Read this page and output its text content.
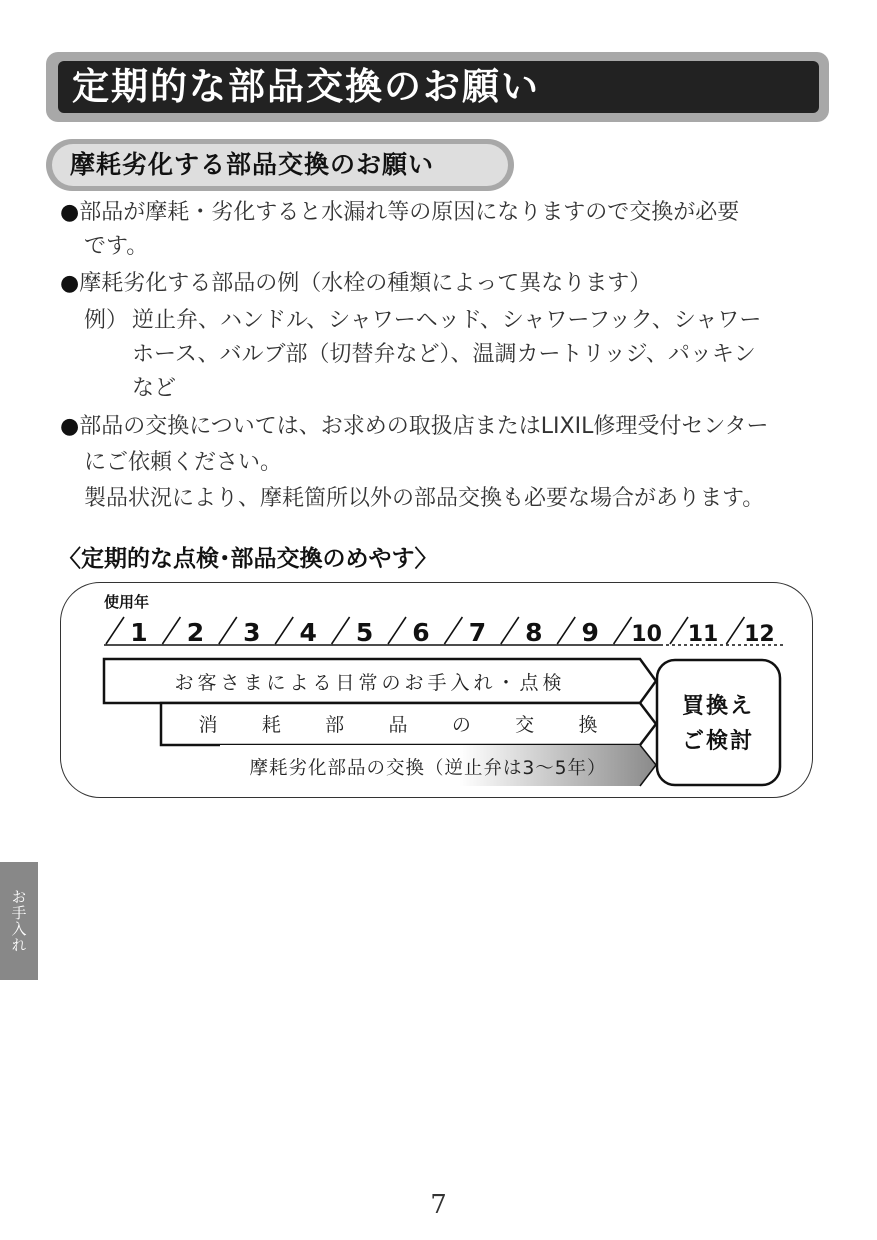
定期的な部品交換のお願い
摩耗劣化する部品交換のお願い
●部品が摩耗・劣化すると水漏れ等の原因になりますので交換が必要
です。
●摩耗劣化する部品の例（水栓の種類によって異なります）
例） 逆止弁、ハンドル、シャワーヘッド、シャワーフック、シャワー
ホース、バルブ部（切替弁など）、温調カートリッジ、パッキン
など
●部品の交換については、お求めの取扱店またはLIXIL修理受付センター
にご依頼ください。
製品状況により、摩耗箇所以外の部品交換も必要な場合があります。
〈定期的な点検･部品交換のめやす〉
使用年
1 2 3 4 5 6 7 8 9 10 11 12
お客さまによる日常のお手入れ・点検
消 耗 部 品 の 交 換
摩耗劣化部品の交換（逆止弁は3〜5年）
買換え
ご検討
お手入れ
7
